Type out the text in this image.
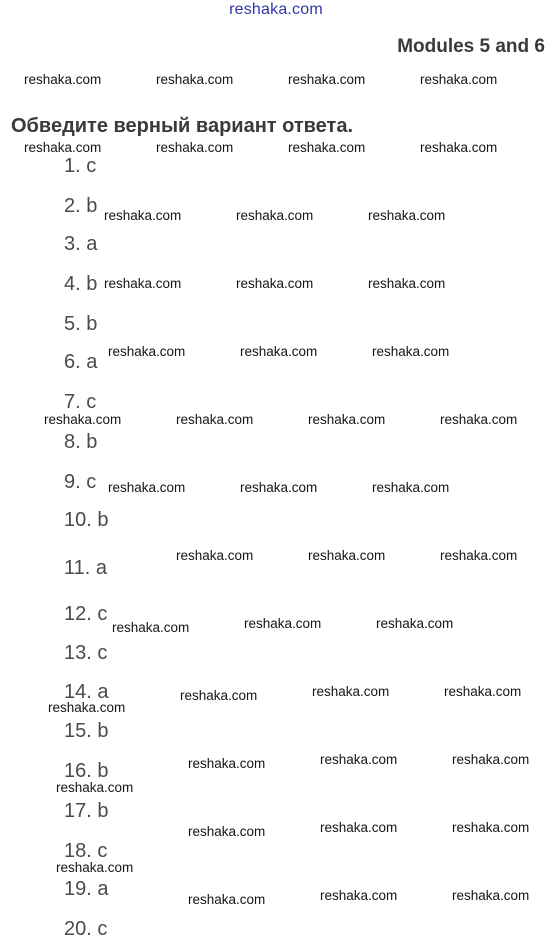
reshaka.com
Modules 5 and 6
Обведите верный вариант ответа.
1. c
2. b
3. a
4. b
5. b
6. a
7. c
8. b
9. c
10. b
11. a
12. c
13. c
14. a
15. b
16. b
17. b
18. c
19. a
20. c
reshaka.com	reshaka.com	reshaka.com	reshaka.com
reshaka.com	reshaka.com	reshaka.com	reshaka.com
reshaka.com	reshaka.com	reshaka.com
reshaka.com	reshaka.com	reshaka.com
reshaka.com	reshaka.com	reshaka.com
reshaka.com	reshaka.com	reshaka.com	reshaka.com
reshaka.com	reshaka.com	reshaka.com
reshaka.com	reshaka.com	reshaka.com
reshaka.com	reshaka.com	reshaka.com
reshaka.com	reshaka.com	reshaka.com
reshaka.com
reshaka.com	reshaka.com	reshaka.com
reshaka.com
reshaka.com	reshaka.com	reshaka.com
reshaka.com
reshaka.com	reshaka.com	reshaka.com
